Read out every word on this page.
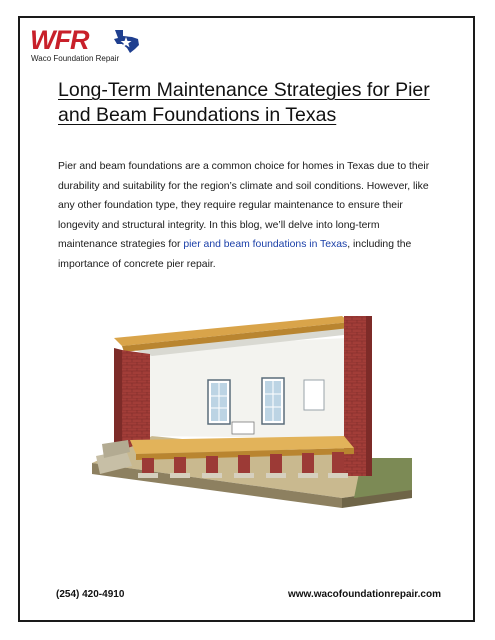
WFR
Waco Foundation Repair
Long-Term Maintenance Strategies for Pier and Beam Foundations in Texas

Pier and beam foundations are a common choice for homes in Texas due to their durability and suitability for the region’s climate and soil conditions. However, like any other foundation type, they require regular maintenance to ensure their longevity and structural integrity. In this blog, we’ll delve into long-term maintenance strategies for pier and beam foundations in Texas, including the importance of concrete pier repair.

(254) 420-4910	www.wacofoundationrepair.com
